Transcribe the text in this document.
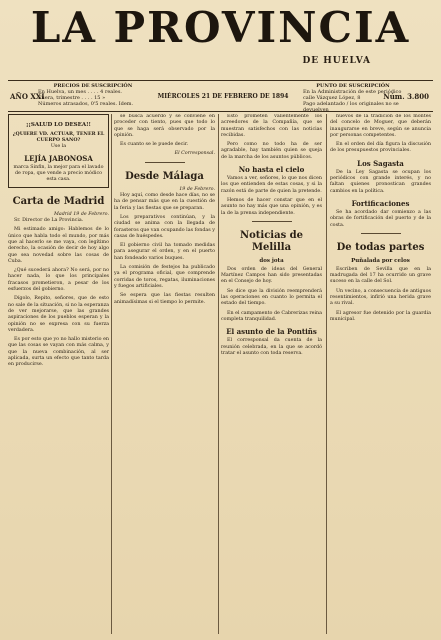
LA PROVINCIA
DE HUELVA
PRECIOS DE SUSCRIPCIÓN
En Huelva, un mes . . . . 4 reales.
Fuera, trimestre . . . . 15 »
Números atrasados, 0'5 reales. Idem.
AÑO XXI	MIÉRCOLES 21 DE FEBRERO DE 1894
PUNTO DE SUSCRIPCIÓN
En la Administración de este periódico
calle Vázquez López, 8
Pago adelantado / los originales no se devuelven
Núm. 3.800
¡¡SALUD LO DESEA!!
¿QUIERE VD. ACTUAR, TENER EL CUERPO SANO?
Use la
LEJÍA JABONOSA
marca Sinfin, la mejor para el lavado de ropa, que vende a precio módico esta casa.
Carta de Madrid
Madrid 19 de Febrero.

Sr. Director de La Provincia.

Mi estimado amigo: Hablemos de lo único que habla todo el mundo, por más que al hacerlo se me vaya, con legítimo derecho, la ocasión de decir de hoy algo que sea novedad sobre las cosas de Cuba.

¿Qué sucederá ahora? No será, por no hacer nada, lo que los principales fracasos prometieron, a pesar de los esfuerzos del gobierno.

Dígolo, Repito, señores, que de esto no sale de la situación, si no la esperanza de ver mejorarse, que las grandes aspiraciones de los pueblos esperan y la opinión no se expresa con su fuerza verdadera.

Es por esto que yo no hallo misterio en que las cosas se vayan con más calma, y que la nueva combinación, al ser aplicada, surta un efecto que tanto tarda en producirse.

se busca acuerdo y se conviene en proceder con tiento, pues que todo lo que se haga será observado por la opinión.

Es cuanto se le puede decir.

El Corresponsal.
Desde Málaga
19 de Febrero.

Hoy aquí, como desde hace días, no se ha de pensar más que en la cuestión de la feria y las fiestas que se preparan.

Los preparativos continúan, y la ciudad se anima con la llegada de forasteros que van ocupando las fondas y casas de huéspedes.

El gobierno civil ha tomado medidas para asegurar el orden, y en el puerto han fondeado varios buques.

La comisión de festejos ha publicado ya el programa oficial, que comprende corridas de toros, regatas, iluminaciones y fuegos artificiales.

Se espera que las fiestas resulten animadísimas si el tiempo lo permite.

Esto prometen valientemente los acreedores de la Compañía, que se muestran satisfechos con las noticias recibidas.

Pero como no todo ha de ser agradable, hay también quien se queja de la marcha de los asuntos públicos.

No hasta el cielo

Vamos a ver, señores, lo que nos dicen los que entienden de estas cosas, y si la razón está de parte de quien la pretende.

Hemos de hacer constar que en el asunto no hay más que una opinión, y es la de la prensa independiente.

Noticias de Melilla
dos jota

Dos orden de ideas del General Martínez Campos han sido presentadas en el Consejo de hoy.

Se dice que la división reemprenderá las operaciones en cuanto lo permita el estado del tiempo.

En el campamento de Cabrerizas reina completa tranquilidad.

El asunto de la Pontiñs

El corresponsal da cuenta de la reunión celebrada, en la que se acordó tratar el asunto con toda reserva.

nuevos de la tradición de los montes del concelo de Moguer, que deberán inaugurarse en breve, según se anuncia por personas competentes.

En el orden del día figura la discusión de los presupuestos provinciales.

Los Sagasta

De la Ley Sagasta se ocupan los periódicos con grande interés, y no faltan quienes pronostican grandes cambios en la política.

Fortificaciones

Se ha acordado dar comienzo a las obras de fortificación del puerto y de la costa.

De todas partes
Puñalada por celos

Escriben de Sevilla que en la madrugada del 17 ha ocurrido un grave suceso en la calle del Sol.

Un vecino, a consecuencia de antiguos resentimientos, infirió una herida grave a su rival.

El agresor fue detenido por la guardia municipal.
